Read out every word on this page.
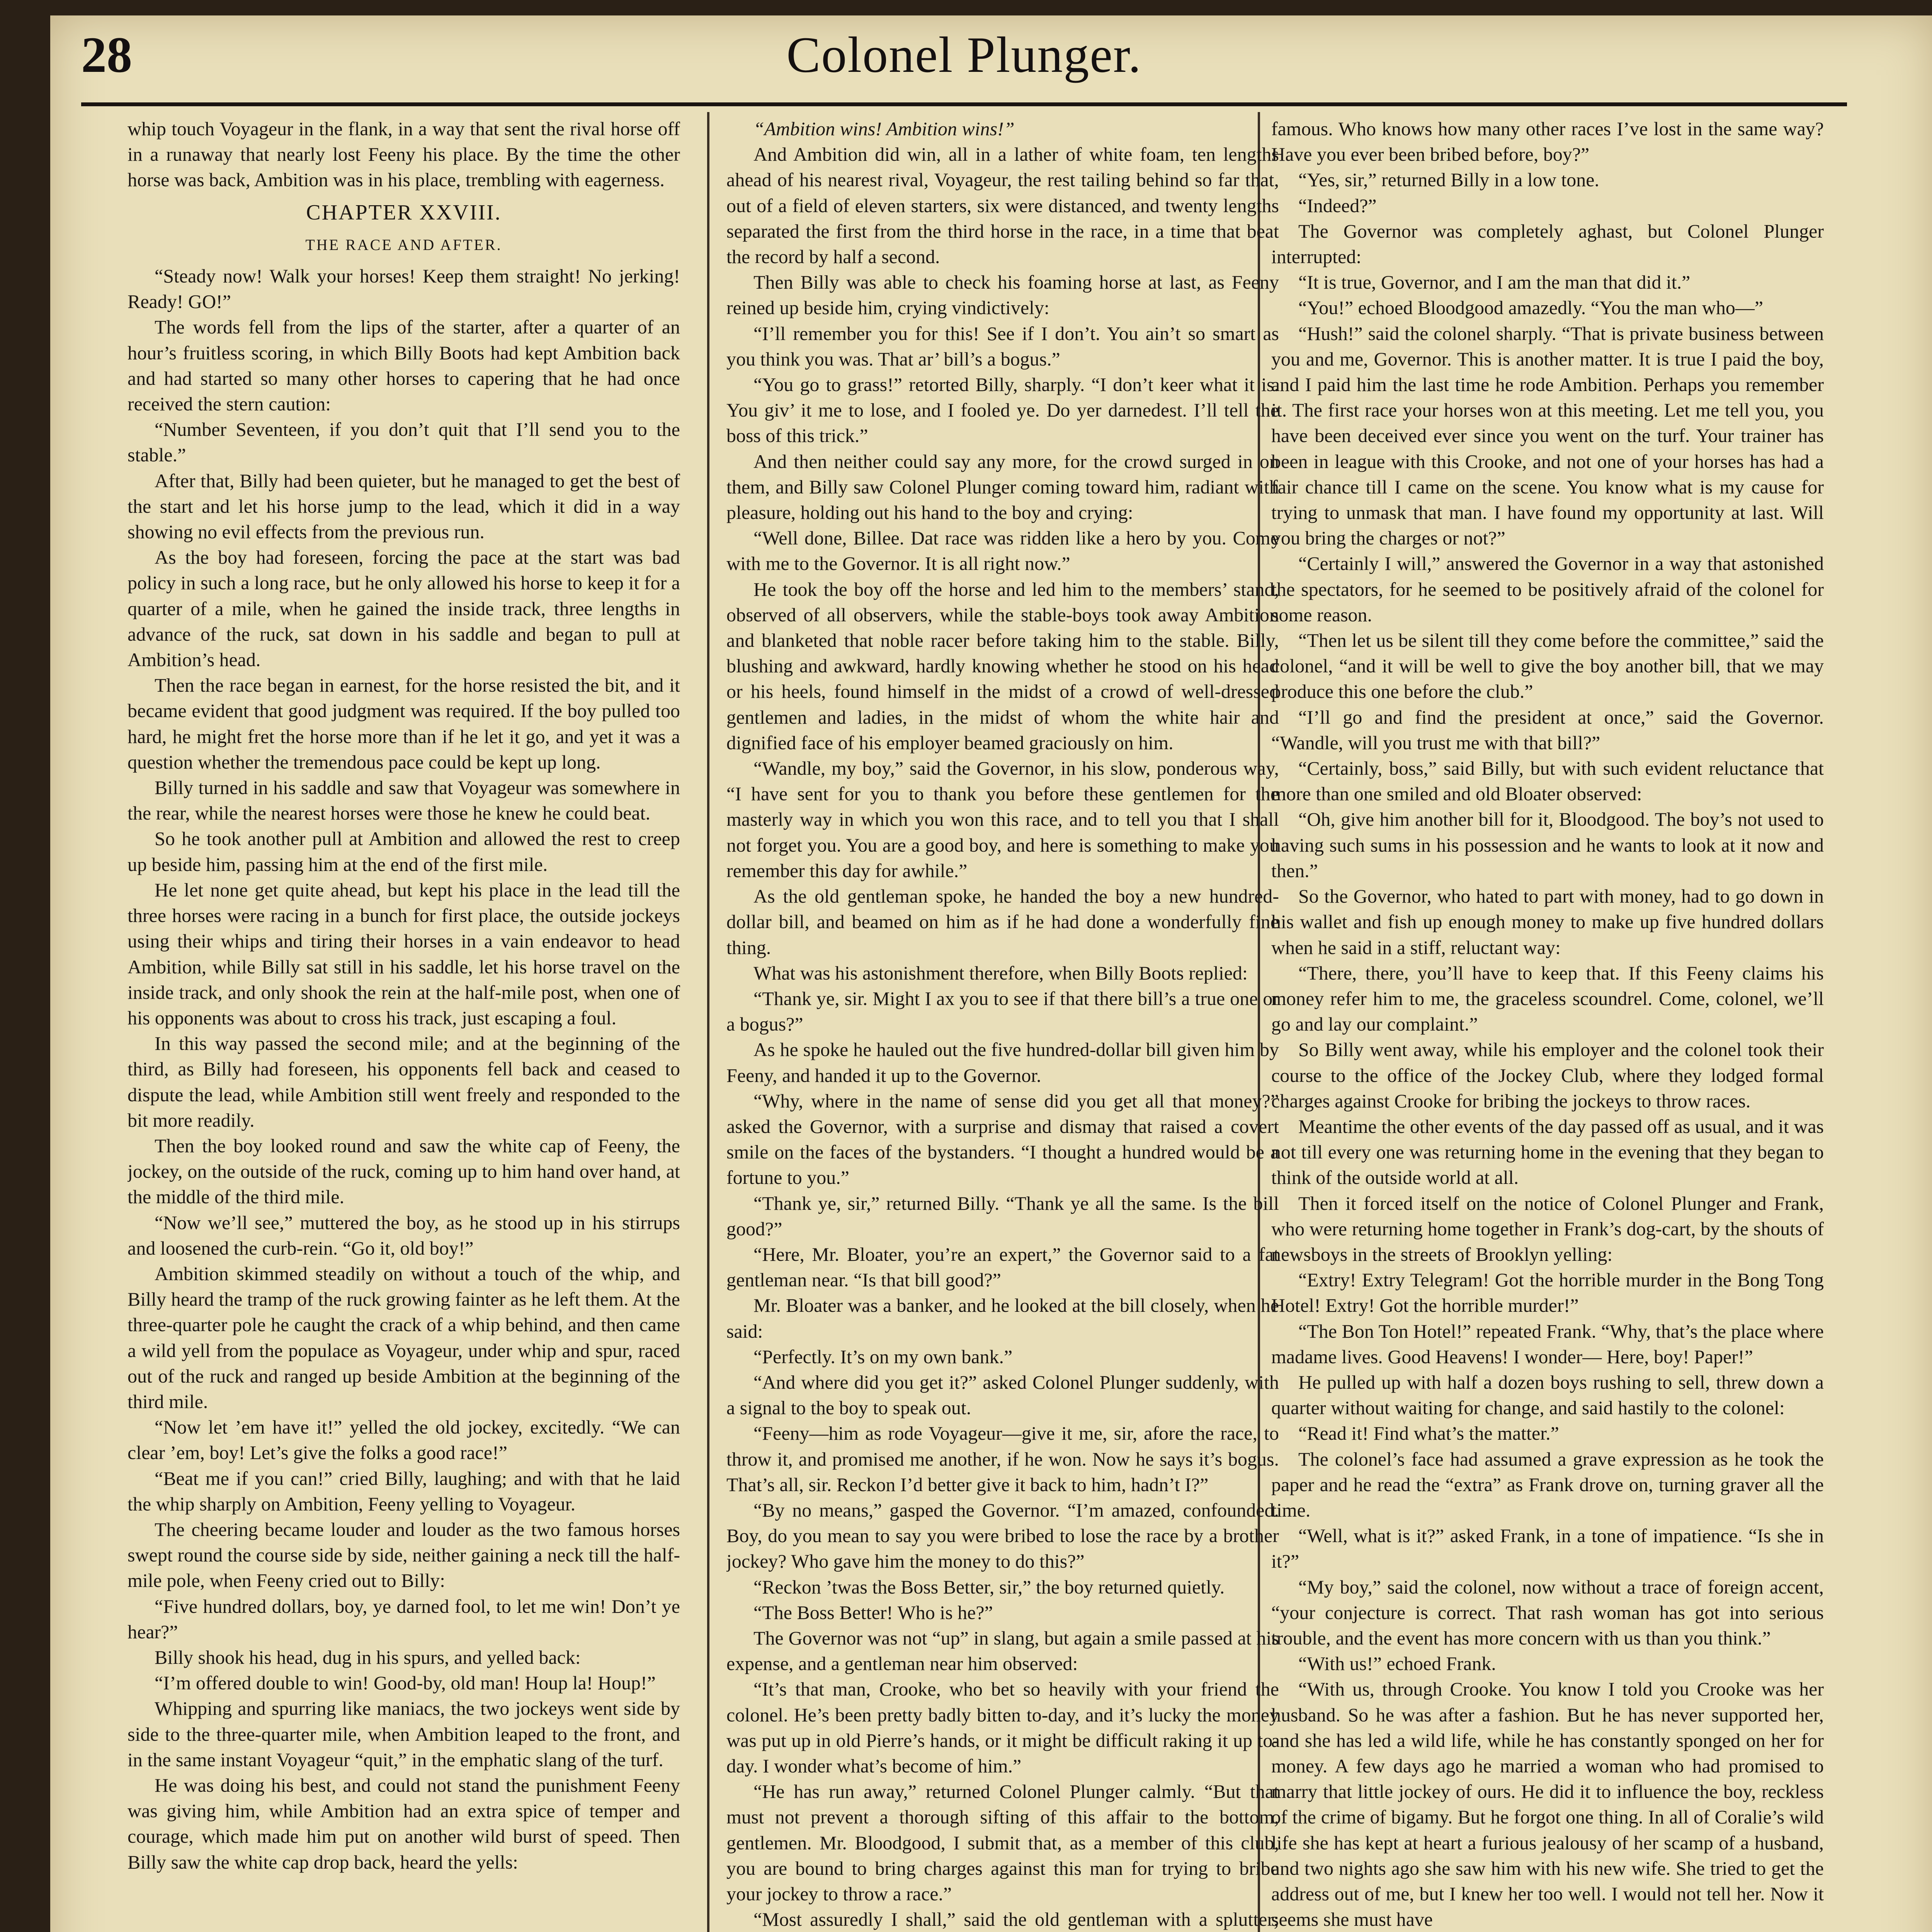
28	Colonel Plunger.

whip touch Voyageur in the flank, in a way that sent the rival horse off in a runaway that nearly lost Feeny his place. By the time the other horse was back, Ambition was in his place, trembling with eagerness.

CHAPTER XXVIII.

THE RACE AND AFTER.

“Steady now! Walk your horses! Keep them straight! No jerking! Ready! GO!”

The words fell from the lips of the starter, after a quarter of an hour’s fruitless scoring, in which Billy Boots had kept Ambition back and had started so many other horses to capering that he had once received the stern caution:

“Number Seventeen, if you don’t quit that I’ll send you to the stable.”

After that, Billy had been quieter, but he managed to get the best of the start and let his horse jump to the lead, which it did in a way showing no evil effects from the previous run.

As the boy had foreseen, forcing the pace at the start was bad policy in such a long race, but he only allowed his horse to keep it for a quarter of a mile, when he gained the inside track, three lengths in advance of the ruck, sat down in his saddle and began to pull at Ambition’s head.

Then the race began in earnest, for the horse resisted the bit, and it became evident that good judgment was required. If the boy pulled too hard, he might fret the horse more than if he let it go, and yet it was a question whether the tremendous pace could be kept up long.

Billy turned in his saddle and saw that Voyageur was somewhere in the rear, while the nearest horses were those he knew he could beat.

So he took another pull at Ambition and allowed the rest to creep up beside him, passing him at the end of the first mile.

He let none get quite ahead, but kept his place in the lead till the three horses were racing in a bunch for first place, the outside jockeys using their whips and tiring their horses in a vain endeavor to head Ambition, while Billy sat still in his saddle, let his horse travel on the inside track, and only shook the rein at the half-mile post, when one of his opponents was about to cross his track, just escaping a foul.

In this way passed the second mile; and at the beginning of the third, as Billy had foreseen, his opponents fell back and ceased to dispute the lead, while Ambition still went freely and responded to the bit more readily.

Then the boy looked round and saw the white cap of Feeny, the jockey, on the outside of the ruck, coming up to him hand over hand, at the middle of the third mile.

“Now we’ll see,” muttered the boy, as he stood up in his stirrups and loosened the curb-rein. “Go it, old boy!”

Ambition skimmed steadily on without a touch of the whip, and Billy heard the tramp of the ruck growing fainter as he left them. At the three-quarter pole he caught the crack of a whip behind, and then came a wild yell from the populace as Voyageur, under whip and spur, raced out of the ruck and ranged up beside Ambition at the beginning of the third mile.

“Now let ’em have it!” yelled the old jockey, excitedly. “We can clear ’em, boy! Let’s give the folks a good race!”

“Beat me if you can!” cried Billy, laughing; and with that he laid the whip sharply on Ambition, Feeny yelling to Voyageur.

The cheering became louder and louder as the two famous horses swept round the course side by side, neither gaining a neck till the half-mile pole, when Feeny cried out to Billy:

“Five hundred dollars, boy, ye darned fool, to let me win! Don’t ye hear?”

Billy shook his head, dug in his spurs, and yelled back:

“I’m offered double to win! Good-by, old man! Houp la! Houp!”

Whipping and spurring like maniacs, the two jockeys went side by side to the three-quarter mile, when Ambition leaped to the front, and in the same instant Voyageur “quit,” in the emphatic slang of the turf.

He was doing his best, and could not stand the punishment Feeny was giving him, while Ambition had an extra spice of temper and courage, which made him put on another wild burst of speed. Then Billy saw the white cap drop back, heard the yells:

“Ambition wins! Ambition wins!”

And Ambition did win, all in a lather of white foam, ten lengths ahead of his nearest rival, Voyageur, the rest tailing behind so far that, out of a field of eleven starters, six were distanced, and twenty lengths separated the first from the third horse in the race, in a time that beat the record by half a second.

Then Billy was able to check his foaming horse at last, as Feeny reined up beside him, crying vindictively:

“I’ll remember you for this! See if I don’t. You ain’t so smart as you think you was. That ar’ bill’s a bogus.”

“You go to grass!” retorted Billy, sharply. “I don’t keer what it is. You giv’ it me to lose, and I fooled ye. Do yer darnedest. I’ll tell the boss of this trick.”

And then neither could say any more, for the crowd surged in on them, and Billy saw Colonel Plunger coming toward him, radiant with pleasure, holding out his hand to the boy and crying:

“Well done, Billee. Dat race was ridden like a hero by you. Come with me to the Governor. It is all right now.”

He took the boy off the horse and led him to the members’ stand, observed of all observers, while the stable-boys took away Ambition and blanketed that noble racer before taking him to the stable. Billy, blushing and awkward, hardly knowing whether he stood on his head or his heels, found himself in the midst of a crowd of well-dressed gentlemen and ladies, in the midst of whom the white hair and dignified face of his employer beamed graciously on him.

“Wandle, my boy,” said the Governor, in his slow, ponderous way, “I have sent for you to thank you before these gentlemen for the masterly way in which you won this race, and to tell you that I shall not forget you. You are a good boy, and here is something to make you remember this day for awhile.”

As the old gentleman spoke, he handed the boy a new hundred-dollar bill, and beamed on him as if he had done a wonderfully fine thing.

What was his astonishment therefore, when Billy Boots replied:

“Thank ye, sir. Might I ax you to see if that there bill’s a true one or a bogus?”

As he spoke he hauled out the five hundred-dollar bill given him by Feeny, and handed it up to the Governor.

“Why, where in the name of sense did you get all that money?” asked the Governor, with a surprise and dismay that raised a covert smile on the faces of the bystanders. “I thought a hundred would be a fortune to you.”

“Thank ye, sir,” returned Billy. “Thank ye all the same. Is the bill good?”

“Here, Mr. Bloater, you’re an expert,” the Governor said to a fat gentleman near. “Is that bill good?”

Mr. Bloater was a banker, and he looked at the bill closely, when he said:

“Perfectly. It’s on my own bank.”

“And where did you get it?” asked Colonel Plunger suddenly, with a signal to the boy to speak out.

“Feeny—him as rode Voyageur—give it me, sir, afore the race, to throw it, and promised me another, if he won. Now he says it’s bogus. That’s all, sir. Reckon I’d better give it back to him, hadn’t I?”

“By no means,” gasped the Governor. “I’m amazed, confounded. Boy, do you mean to say you were bribed to lose the race by a brother jockey? Who gave him the money to do this?”

“Reckon ’twas the Boss Better, sir,” the boy returned quietly.

“The Boss Better! Who is he?”

The Governor was not “up” in slang, but again a smile passed at his expense, and a gentleman near him observed:

“It’s that man, Crooke, who bet so heavily with your friend the colonel. He’s been pretty badly bitten to-day, and it’s lucky the money was put up in old Pierre’s hands, or it might be difficult raking it up to-day. I wonder what’s become of him.”

“He has run away,” returned Colonel Plunger calmly. “But that must not prevent a thorough sifting of this affair to the bottom, gentlemen. Mr. Bloodgood, I submit that, as a member of this club, you are bound to bring charges against this man for trying to bribe your jockey to throw a race.”

“Most assuredly I shall,” said the old gentleman with a splutter;

famous. Who knows how many other races I’ve lost in the same way? Have you ever been bribed before, boy?”

“Yes, sir,” returned Billy in a low tone.

“Indeed?”

The Governor was completely aghast, but Colonel Plunger interrupted:

“It is true, Governor, and I am the man that did it.”

“You!” echoed Bloodgood amazedly. “You the man who—”

“Hush!” said the colonel sharply. “That is private business between you and me, Governor. This is another matter. It is true I paid the boy, and I paid him the last time he rode Ambition. Perhaps you remember it. The first race your horses won at this meeting. Let me tell you, you have been deceived ever since you went on the turf. Your trainer has been in league with this Crooke, and not one of your horses has had a fair chance till I came on the scene. You know what is my cause for trying to unmask that man. I have found my opportunity at last. Will you bring the charges or not?”

“Certainly I will,” answered the Governor in a way that astonished the spectators, for he seemed to be positively afraid of the colonel for some reason.

“Then let us be silent till they come before the committee,” said the colonel, “and it will be well to give the boy another bill, that we may produce this one before the club.”

“I’ll go and find the president at once,” said the Governor. “Wandle, will you trust me with that bill?”

“Certainly, boss,” said Billy, but with such evident reluctance that more than one smiled and old Bloater observed:

“Oh, give him another bill for it, Bloodgood. The boy’s not used to having such sums in his possession and he wants to look at it now and then.”

So the Governor, who hated to part with money, had to go down in his wallet and fish up enough money to make up five hundred dollars when he said in a stiff, reluctant way:

“There, there, you’ll have to keep that. If this Feeny claims his money refer him to me, the graceless scoundrel. Come, colonel, we’ll go and lay our complaint.”

So Billy went away, while his employer and the colonel took their course to the office of the Jockey Club, where they lodged formal charges against Crooke for bribing the jockeys to throw races.

Meantime the other events of the day passed off as usual, and it was not till every one was returning home in the evening that they began to think of the outside world at all.

Then it forced itself on the notice of Colonel Plunger and Frank, who were returning home together in Frank’s dog-cart, by the shouts of newsboys in the streets of Brooklyn yelling:

“Extry! Extry Telegram! Got the horrible murder in the Bong Tong Hotel! Extry! Got the horrible murder!”

“The Bon Ton Hotel!” repeated Frank. “Why, that’s the place where madame lives. Good Heavens! I wonder— Here, boy! Paper!”

He pulled up with half a dozen boys rushing to sell, threw down a quarter without waiting for change, and said hastily to the colonel:

“Read it! Find what’s the matter.”

The colonel’s face had assumed a grave expression as he took the paper and he read the “extra” as Frank drove on, turning graver all the time.

“Well, what is it?” asked Frank, in a tone of impatience. “Is she in it?”

“My boy,” said the colonel, now without a trace of foreign accent, “your conjecture is correct. That rash woman has got into serious trouble, and the event has more concern with us than you think.”

“With us!” echoed Frank.

“With us, through Crooke. You know I told you Crooke was her husband. So he was after a fashion. But he has never supported her, and she has led a wild life, while he has constantly sponged on her for money. A few days ago he married a woman who had promised to marry that little jockey of ours. He did it to influence the boy, reckless of the crime of bigamy. But he forgot one thing. In all of Coralie’s wild life she has kept at heart a furious jealousy of her scamp of a husband, and two nights ago she saw him with his new wife. She tried to get the address out of me, but I knew her too well. I would not tell her. Now it seems she must have
